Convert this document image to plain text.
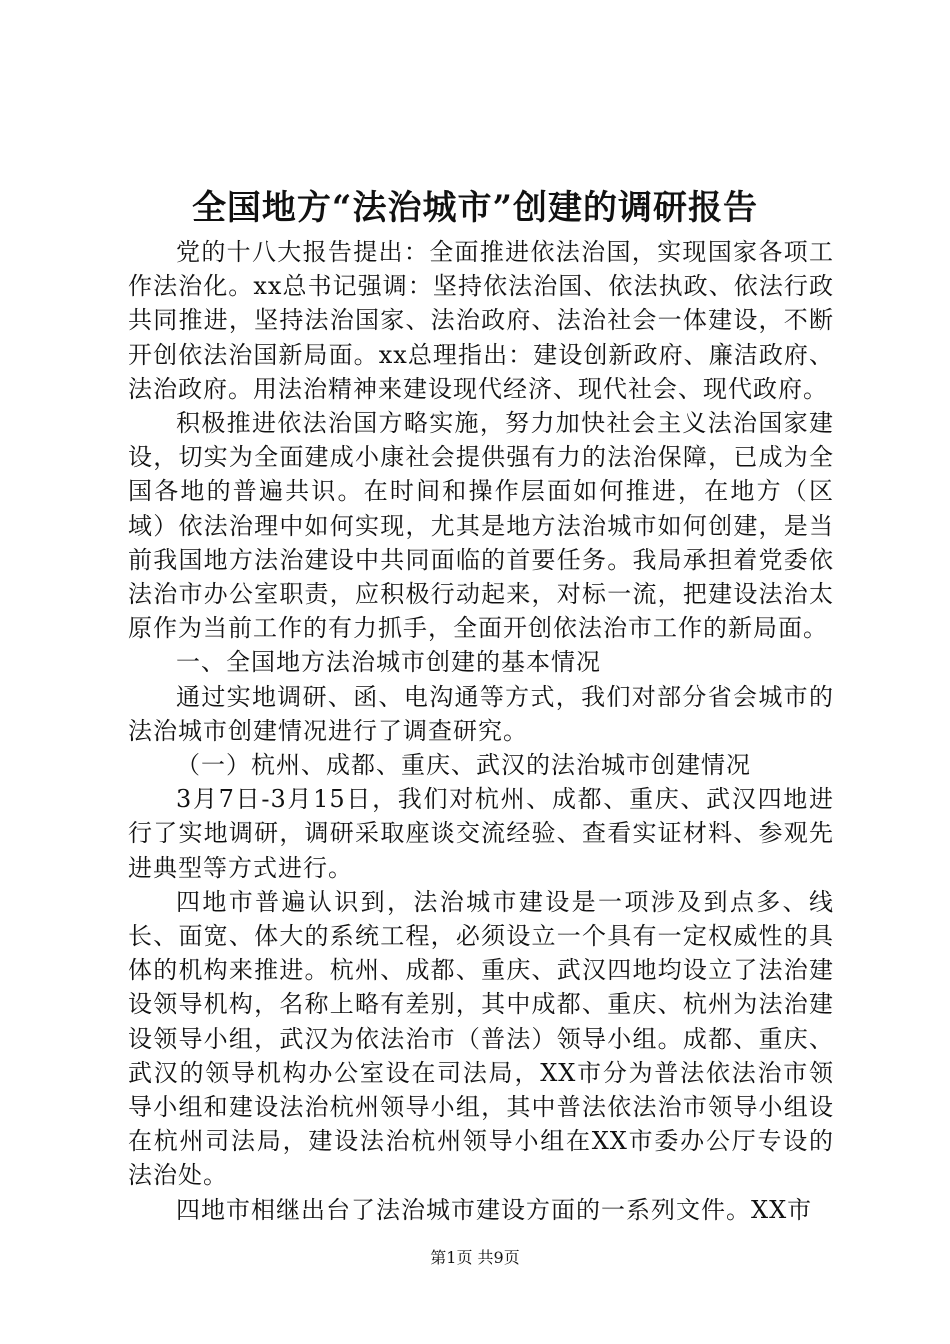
全国地方“法治城市”创建的调研报告

党的十八大报告提出：全面推进依法治国，实现国家各项工作法治化。xx总书记强调：坚持依法治国、依法执政、依法行政共同推进，坚持法治国家、法治政府、法治社会一体建设，不断开创依法治国新局面。xx总理指出：建设创新政府、廉洁政府、法治政府。用法治精神来建设现代经济、现代社会、现代政府。

积极推进依法治国方略实施，努力加快社会主义法治国家建设，切实为全面建成小康社会提供强有力的法治保障，已成为全国各地的普遍共识。在时间和操作层面如何推进，在地方（区域）依法治理中如何实现，尤其是地方法治城市如何创建，是当前我国地方法治建设中共同面临的首要任务。我局承担着党委依法治市办公室职责，应积极行动起来，对标一流，把建设法治太原作为当前工作的有力抓手，全面开创依法治市工作的新局面。

一、全国地方法治城市创建的基本情况

通过实地调研、函、电沟通等方式，我们对部分省会城市的法治城市创建情况进行了调查研究。

（一）杭州、成都、重庆、武汉的法治城市创建情况

3月7日-3月15日，我们对杭州、成都、重庆、武汉四地进行了实地调研，调研采取座谈交流经验、查看实证材料、参观先进典型等方式进行。

四地市普遍认识到，法治城市建设是一项涉及到点多、线长、面宽、体大的系统工程，必须设立一个具有一定权威性的具体的机构来推进。杭州、成都、重庆、武汉四地均设立了法治建设领导机构，名称上略有差别，其中成都、重庆、杭州为法治建设领导小组，武汉为依法治市（普法）领导小组。成都、重庆、武汉的领导机构办公室设在司法局，XX市分为普法依法治市领导小组和建设法治杭州领导小组，其中普法依法治市领导小组设在杭州司法局，建设法治杭州领导小组在XX市委办公厅专设的法治处。

四地市相继出台了法治城市建设方面的一系列文件。XX市

第1页 共9页
